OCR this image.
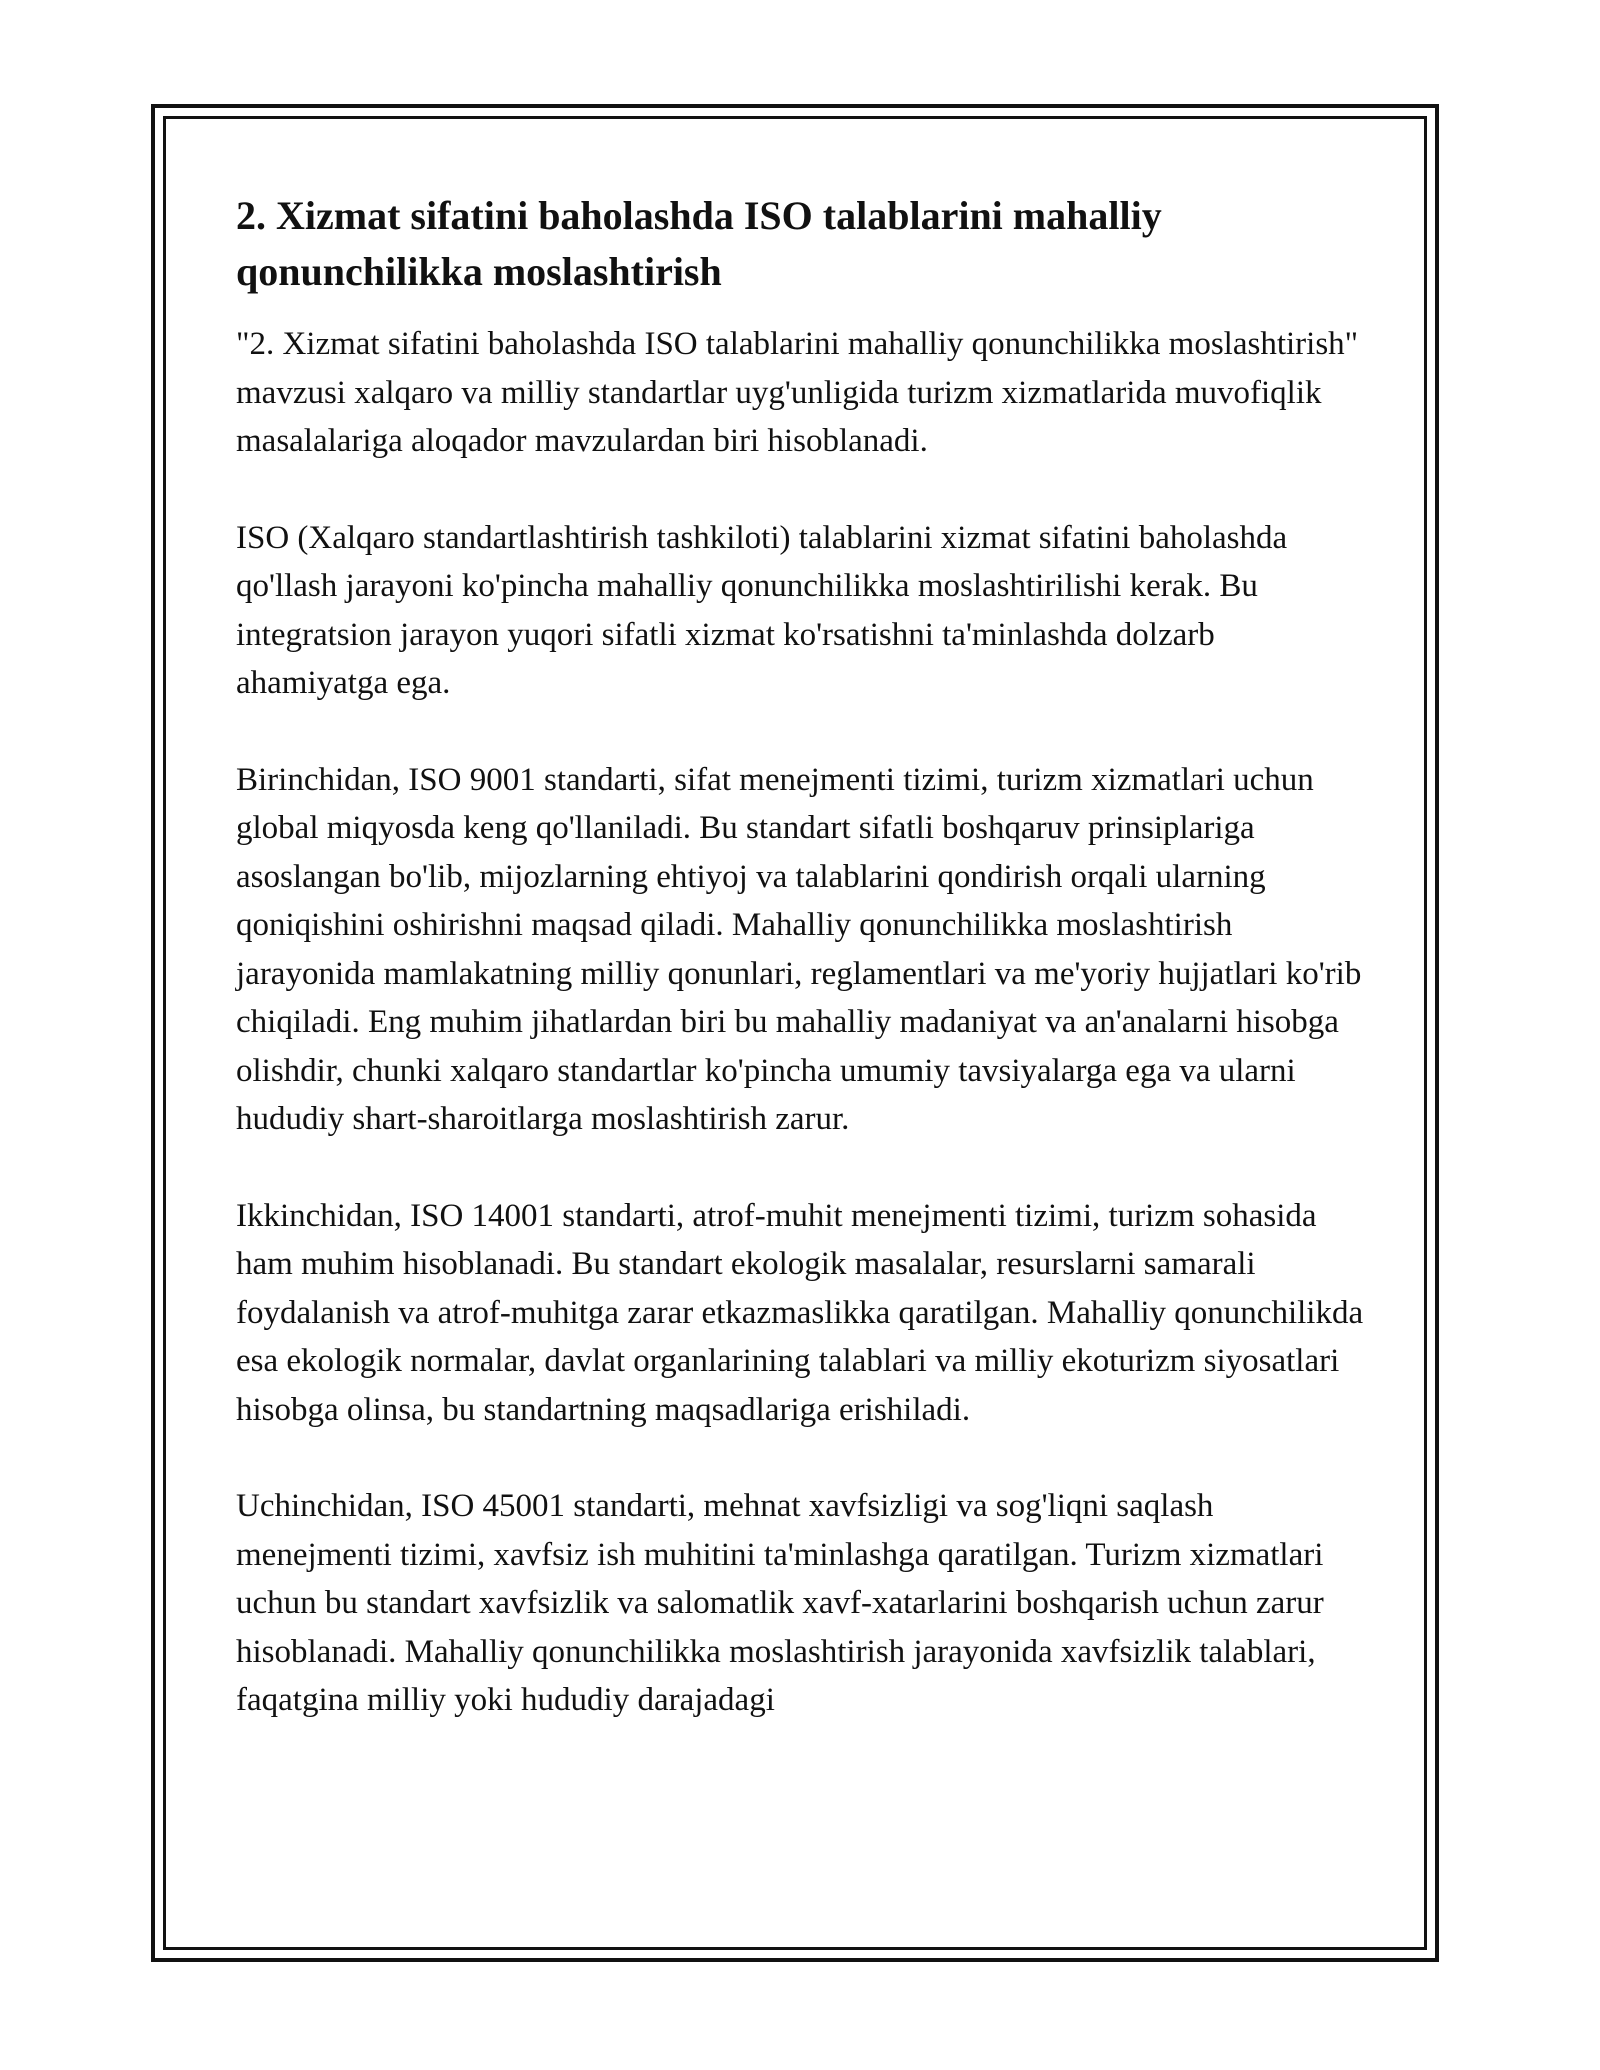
2. Xizmat sifatini baholashda ISO talablarini mahalliy
qonunchilikka moslashtirish

"2. Xizmat sifatini baholashda ISO talablarini mahalliy qonunchilikka moslashtirish" mavzusi xalqaro va milliy standartlar uyg'unligida turizm xizmatlarida muvofiqlik masalalariga aloqador mavzulardan biri hisoblanadi.

ISO (Xalqaro standartlashtirish tashkiloti) talablarini xizmat sifatini baholashda qo'llash jarayoni ko'pincha mahalliy qonunchilikka moslashtirilishi kerak. Bu integratsion jarayon yuqori sifatli xizmat ko'rsatishni ta'minlashda dolzarb ahamiyatga ega.

Birinchidan, ISO 9001 standarti, sifat menejmenti tizimi, turizm xizmatlari uchun global miqyosda keng qo'llaniladi. Bu standart sifatli boshqaruv prinsiplariga asoslangan bo'lib, mijozlarning ehtiyoj va talablarini qondirish orqali ularning qoniqishini oshirishni maqsad qiladi. Mahalliy qonunchilikka moslashtirish jarayonida mamlakatning milliy qonunlari, reglamentlari va me'yoriy hujjatlari ko'rib chiqiladi. Eng muhim jihatlardan biri bu mahalliy madaniyat va an'analarni hisobga olishdir, chunki xalqaro standartlar ko'pincha umumiy tavsiyalarga ega va ularni hududiy shart-sharoitlarga moslashtirish zarur.

Ikkinchidan, ISO 14001 standarti, atrof-muhit menejmenti tizimi, turizm sohasida ham muhim hisoblanadi. Bu standart ekologik masalalar, resurslarni samarali foydalanish va atrof-muhitga zarar etkazmaslikka qaratilgan. Mahalliy qonunchilikda esa ekologik normalar, davlat organlarining talablari va milliy ekoturizm siyosatlari hisobga olinsa, bu standartning maqsadlariga erishiladi.

Uchinchidan, ISO 45001 standarti, mehnat xavfsizligi va sog'liqni saqlash menejmenti tizimi, xavfsiz ish muhitini ta'minlashga qaratilgan. Turizm xizmatlari uchun bu standart xavfsizlik va salomatlik xavf-xatarlarini boshqarish uchun zarur hisoblanadi. Mahalliy qonunchilikka moslashtirish jarayonida xavfsizlik talablari, faqatgina milliy yoki hududiy darajadagi
